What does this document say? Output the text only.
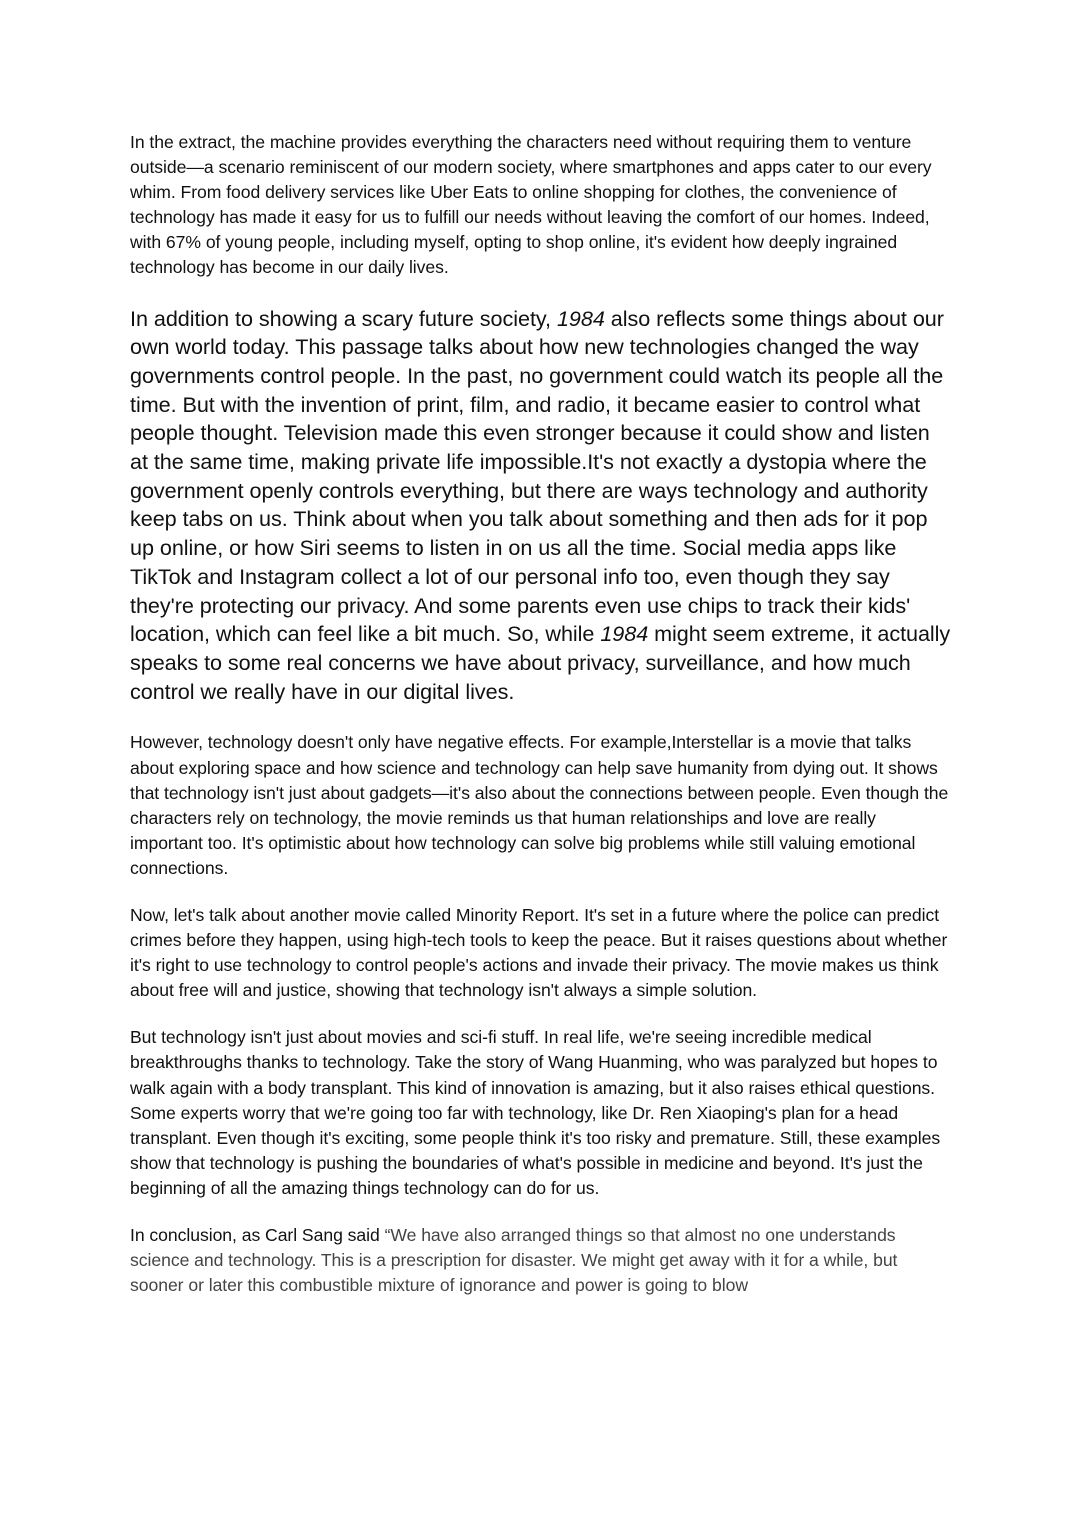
In the extract, the machine provides everything the characters need without requiring them to venture outside—a scenario reminiscent of our modern society, where smartphones and apps cater to our every whim. From food delivery services like Uber Eats to online shopping for clothes, the convenience of technology has made it easy for us to fulfill our needs without leaving the comfort of our homes. Indeed, with 67% of young people, including myself, opting to shop online, it's evident how deeply ingrained technology has become in our daily lives.

In addition to showing a scary future society, 1984 also reflects some things about our own world today. This passage talks about how new technologies changed the way governments control people. In the past, no government could watch its people all the time. But with the invention of print, film, and radio, it became easier to control what people thought. Television made this even stronger because it could show and listen at the same time, making private life impossible.It's not exactly a dystopia where the government openly controls everything, but there are ways technology and authority keep tabs on us. Think about when you talk about something and then ads for it pop up online, or how Siri seems to listen in on us all the time. Social media apps like TikTok and Instagram collect a lot of our personal info too, even though they say they're protecting our privacy. And some parents even use chips to track their kids' location, which can feel like a bit much. So, while 1984 might seem extreme, it actually speaks to some real concerns we have about privacy, surveillance, and how much control we really have in our digital lives.

However, technology doesn't only have negative effects. For example,Interstellar is a movie that talks about exploring space and how science and technology can help save humanity from dying out. It shows that technology isn't just about gadgets—it's also about the connections between people. Even though the characters rely on technology, the movie reminds us that human relationships and love are really important too. It's optimistic about how technology can solve big problems while still valuing emotional connections.

Now, let's talk about another movie called Minority Report. It's set in a future where the police can predict crimes before they happen, using high-tech tools to keep the peace. But it raises questions about whether it's right to use technology to control people's actions and invade their privacy. The movie makes us think about free will and justice, showing that technology isn't always a simple solution.

But technology isn't just about movies and sci-fi stuff. In real life, we're seeing incredible medical breakthroughs thanks to technology. Take the story of Wang Huanming, who was paralyzed but hopes to walk again with a body transplant. This kind of innovation is amazing, but it also raises ethical questions. Some experts worry that we're going too far with technology, like Dr. Ren Xiaoping's plan for a head transplant. Even though it's exciting, some people think it's too risky and premature. Still, these examples show that technology is pushing the boundaries of what's possible in medicine and beyond. It's just the beginning of all the amazing things technology can do for us.

In conclusion, as Carl Sang said “We have also arranged things so that almost no one understands science and technology. This is a prescription for disaster. We might get away with it for a while, but sooner or later this combustible mixture of ignorance and power is going to blow
